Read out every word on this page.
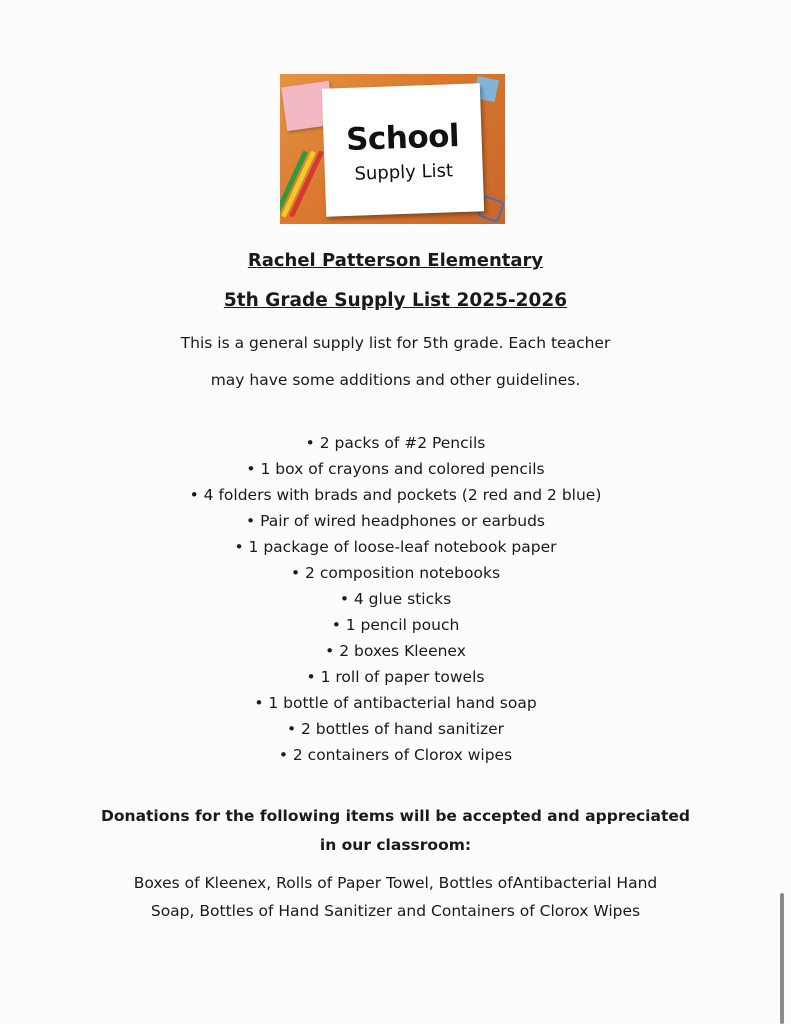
School
Supply List
Rachel Patterson Elementary
5th Grade Supply List 2025-2026
This is a general supply list for 5th grade. Each teacher
may have some additions and other guidelines.
• 2 packs of #2 Pencils
• 1 box of crayons and colored pencils
• 4 folders with brads and pockets (2 red and 2 blue)
• Pair of wired headphones or earbuds
• 1 package of loose-leaf notebook paper
• 2 composition notebooks
• 4 glue sticks
• 1 pencil pouch
• 2 boxes Kleenex
• 1 roll of paper towels
• 1 bottle of antibacterial hand soap
• 2 bottles of hand sanitizer
• 2 containers of Clorox wipes
Donations for the following items will be accepted and appreciated
in our classroom:
Boxes of Kleenex, Rolls of Paper Towel, Bottles ofAntibacterial Hand
Soap, Bottles of Hand Sanitizer and Containers of Clorox Wipes
